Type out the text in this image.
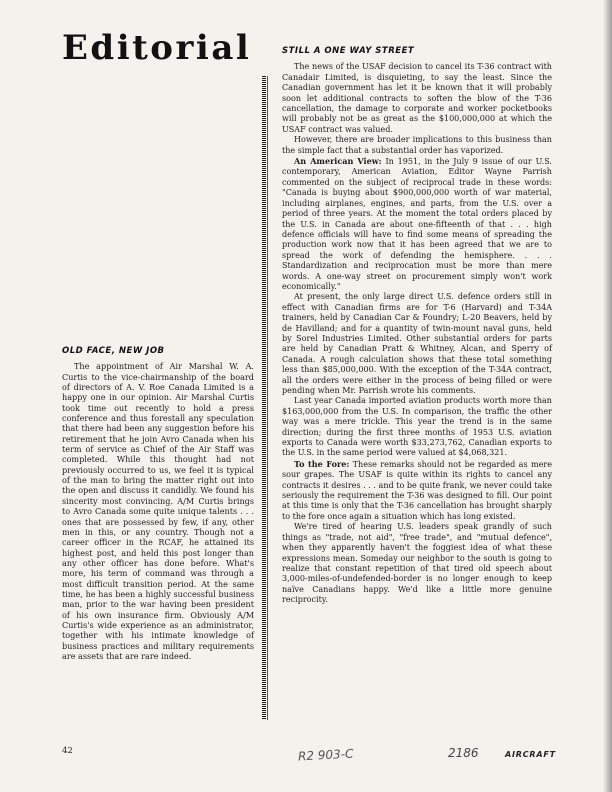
Editorial
OLD FACE, NEW JOB

The appointment of Air Marshal W. A. Curtis to the vice-chairmanship of the board of directors of A. V. Roe Canada Limited is a happy one in our opinion. Air Marshal Curtis took time out recently to hold a press conference and thus forestall any speculation that there had been any suggestion before his retirement that he join Avro Canada when his term of service as Chief of the Air Staff was completed. While this thought had not previously occurred to us, we feel it is typical of the man to bring the matter right out into the open and discuss it candidly. We found his sincerity most convincing. A/M Curtis brings to Avro Canada some quite unique talents . . . ones that are possessed by few, if any, other men in this, or any country. Though not a career officer in the RCAF, he attained its highest post, and held this post longer than any other officer has done before. What's more, his term of command was through a most difficult transition period. At the same time, he has been a highly successful business man, prior to the war having been president of his own insurance firm. Obviously A/M Curtis's wide experience as an administrator, together with his intimate knowledge of business practices and military requirements are assets that are rare indeed.

STILL A ONE WAY STREET

The news of the USAF decision to cancel its T-36 contract with Canadair Limited, is disquieting, to say the least. Since the Canadian government has let it be known that it will probably soon let additional contracts to soften the blow of the T-36 cancellation, the damage to corporate and worker pocketbooks will probably not be as great as the $100,000,000 at which the USAF contract was valued.

However, there are broader implications to this business than the simple fact that a substantial order has vaporized.

An American View: In 1951, in the July 9 issue of our U.S. contemporary, American Aviation, Editor Wayne Parrish commented on the subject of reciprocal trade in these words: "Canada is buying about $900,000,000 worth of war material, including airplanes, engines, and parts, from the U.S. over a period of three years. At the moment the total orders placed by the U.S. in Canada are about one-fifteenth of that . . . high defence officials will have to find some means of spreading the production work now that it has been agreed that we are to spread the work of defending the hemisphere. . . . Standardization and reciprocation must be more than mere words. A one-way street on procurement simply won't work economically."

At present, the only large direct U.S. defence orders still in effect with Canadian firms are for T-6 (Harvard) and T-34A trainers, held by Canadian Car & Foundry; L-20 Beavers, held by de Havilland; and for a quantity of twin-mount naval guns, held by Sorel Industries Limited. Other substantial orders for parts are held by Canadian Pratt & Whitney, Alcan, and Sperry of Canada. A rough calculation shows that these total something less than $85,000,000. With the exception of the T-34A contract, all the orders were either in the process of being filled or were pending when Mr. Parrish wrote his comments.

Last year Canada imported aviation products worth more than $163,000,000 from the U.S. In comparison, the traffic the other way was a mere trickle. This year the trend is in the same direction; during the first three months of 1953 U.S. aviation exports to Canada were worth $33,273,762, Canadian exports to the U.S. in the same period were valued at $4,068,321.

To the Fore: These remarks should not be regarded as mere sour grapes. The USAF is quite within its rights to cancel any contracts it desires . . . and to be quite frank, we never could take seriously the requirement the T-36 was designed to fill. Our point at this time is only that the T-36 cancellation has brought sharply to the fore once again a situation which has long existed.

We're tired of hearing U.S. leaders speak grandly of such things as "trade, not aid", "free trade", and "mutual defence", when they apparently haven't the foggiest idea of what these expressions mean. Someday our neighbor to the south is going to realize that constant repetition of that tired old speech about 3,000-miles-of-undefended-border is no longer enough to keep naïve Canadians happy. We'd like a little more genuine reciprocity.

42	R2 903-C	2186	AIRCRAFT
